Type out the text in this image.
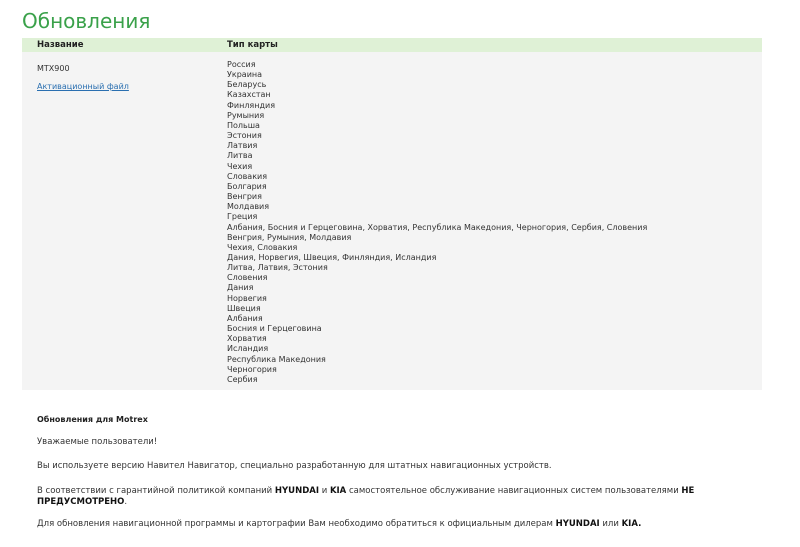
Обновления
Название	Тип карты
MTX900
Активационный файл
Россия
Украина
Беларусь
Казахстан
Финляндия
Румыния
Польша
Эстония
Латвия
Литва
Чехия
Словакия
Болгария
Венгрия
Молдавия
Греция
Албания, Босния и Герцеговина, Хорватия, Республика Македония, Черногория, Сербия, Словения
Венгрия, Румыния, Молдавия
Чехия, Словакия
Дания, Норвегия, Швеция, Финляндия, Исландия
Литва, Латвия, Эстония
Словения
Дания
Норвегия
Швеция
Албания
Босния и Герцеговина
Хорватия
Исландия
Республика Македония
Черногория
Сербия
Обновления для Motrex

Уважаемые пользователи!

Вы используете версию Навител Навигатор, специально разработанную для штатных навигационных устройств.

В соответствии с гарантийной политикой компаний HYUNDAI и KIA самостоятельное обслуживание навигационных систем пользователями НЕ ПРЕДУСМОТРЕНО.

Для обновления навигационной программы и картографии Вам необходимо обратиться к официальным дилерам HYUNDAI или KIA.
